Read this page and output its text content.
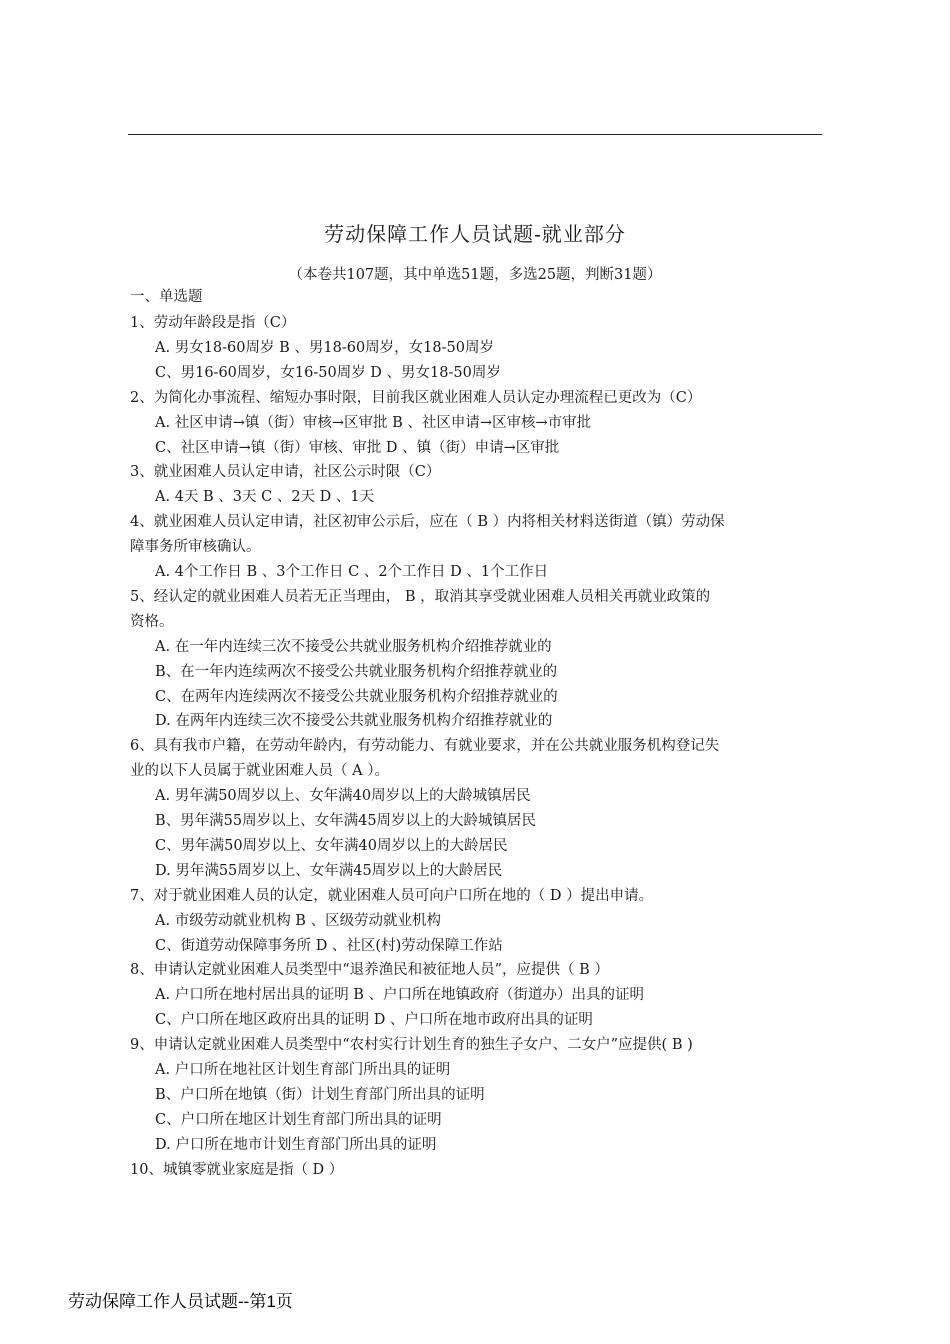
劳动保障工作人员试题-就业部分
（本卷共107题，其中单选51题，多选25题，判断31题）
一、单选题
1、劳动年龄段是指（C）
A. 男女18-60周岁 B 、男18-60周岁，女18-50周岁
C、男16-60周岁，女16-50周岁 D 、男女18-50周岁
2、为简化办事流程、缩短办事时限，目前我区就业困难人员认定办理流程已更改为（C）
A. 社区申请→镇（街）审核→区审批 B 、社区申请→区审核→市审批
C、社区申请→镇（街）审核、审批 D 、镇（街）申请→区审批
3、就业困难人员认定申请，社区公示时限（C）
A. 4天 B 、3天 C 、2天 D 、1天
4、就业困难人员认定申请，社区初审公示后，应在（ B ）内将相关材料送街道（镇）劳动保
障事务所审核确认。
A. 4个工作日 B 、3个工作日 C 、2个工作日 D 、1个工作日
5、经认定的就业困难人员若无正当理由， B ，取消其享受就业困难人员相关再就业政策的
资格。
A. 在一年内连续三次不接受公共就业服务机构介绍推荐就业的
B、在一年内连续两次不接受公共就业服务机构介绍推荐就业的
C、在两年内连续两次不接受公共就业服务机构介绍推荐就业的
D. 在两年内连续三次不接受公共就业服务机构介绍推荐就业的
6、具有我市户籍，在劳动年龄内，有劳动能力、有就业要求，并在公共就业服务机构登记失
业的以下人员属于就业困难人员（ A ）。
A. 男年满50周岁以上、女年满40周岁以上的大龄城镇居民
B、男年满55周岁以上、女年满45周岁以上的大龄城镇居民
C、男年满50周岁以上、女年满40周岁以上的大龄居民
D. 男年满55周岁以上、女年满45周岁以上的大龄居民
7、对于就业困难人员的认定，就业困难人员可向户口所在地的（ D ）提出申请。
A. 市级劳动就业机构 B 、区级劳动就业机构
C、街道劳动保障事务所 D 、社区(村)劳动保障工作站
8、申请认定就业困难人员类型中“退养渔民和被征地人员”，应提供（ B ）
A. 户口所在地村居出具的证明 B 、户口所在地镇政府（街道办）出具的证明
C、户口所在地区政府出具的证明 D 、户口所在地市政府出具的证明
9、申请认定就业困难人员类型中“农村实行计划生育的独生子女户、二女户”应提供( B )
A. 户口所在地社区计划生育部门所出具的证明
B、户口所在地镇（街）计划生育部门所出具的证明
C、户口所在地区计划生育部门所出具的证明
D. 户口所在地市计划生育部门所出具的证明
10、城镇零就业家庭是指（ D ）
劳动保障工作人员试题--第1页
